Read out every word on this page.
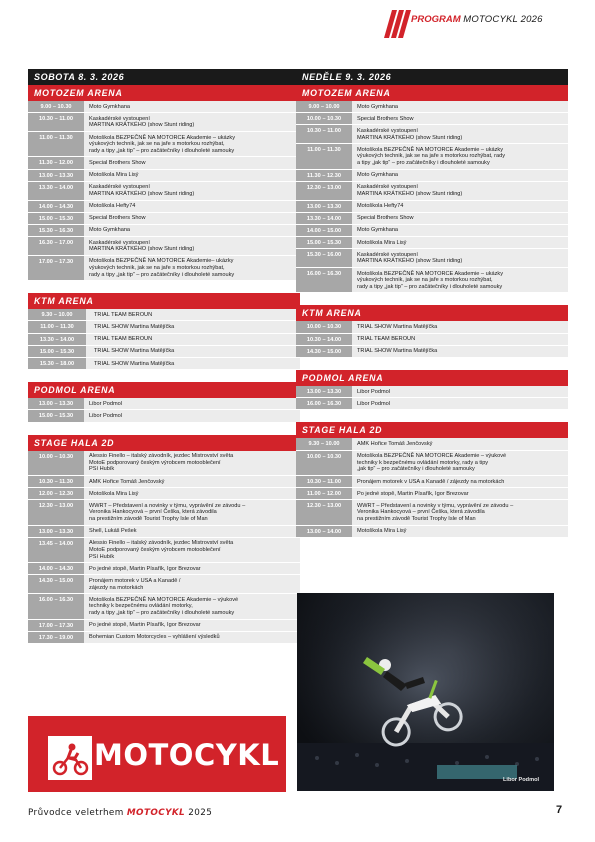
PROGRAM MOTOCYKL 2026
SOBOTA 8. 3. 2026
MOTOZEM ARENA
9.00 – 10.30	Moto Gymkhana
10.30 – 11.00	Kaskadérské vystoupení
MARTINA KRÁTKÉHO (show Stunt riding)
11.00 – 11.30	Motoškola BEZPEČNĚ NA MOTORCE Akademie – ukázky
výukových technik, jak se na jaře s motorkou rozhýbat,
rady a tipy „jak tip“ – pro začátečníky i dlouholeté samouky
11.30 – 12.00	Special Brothers Show
13.00 – 13.30	Motoškola Mira Lisý
13.30 – 14.00	Kaskadérské vystoupení
MARTINA KRÁTKÉHO (show Stunt riding)
14.00 – 14.30	Motoškola Hefty74
15.00 – 15.30	Special Brothers Show
15.30 – 16.30	Moto Gymkhana
16.30 – 17.00	Kaskadérské vystoupení
MARTINA KRÁTKÉHO (show Stunt riding)
17.00 – 17.30	Motoškola BEZPEČNĚ NA MOTORCE Akademie– ukázky
výukových technik, jak se na jaře s motorkou rozhýbat,
rady a tipy „jak tip“ – pro začátečníky i dlouholeté samouky
KTM ARENA
9.30 – 10.00	TRIAL TEAM BEROUN
11.00 – 11.30	TRIAL SHOW Martina Matějíčka
13.30 – 14.00	TRIAL TEAM BEROUN
15.00 – 15.30	TRIAL SHOW Martina Matějíčka
15.30 – 18.00	TRIAL SHOW Martina Matějíčka
PODMOL ARENA
13.00 – 13.30	Libor Podmol
15.00 – 15.30	Libor Podmol
STAGE HALA 2D
10.00 – 10.30	Alessio Finello – italský závodník, jezdec Mistrovství světa
MotoE podporovaný českým výrobcem motooblečení
PSí Hubík
10.30 – 11.30	AMK Hořice Tomáš Jenčovský
12.00 – 12.30	Motoškola Mira Lisý
12.30 – 13.00	WWRT – Představení a novinky v týmu, vyprávění ze závodu –
Veronika Hankocyová – první Češka, která závodila
na prestižním závodě Tourist Trophy Isle of Man
13.00 – 13.30	Shell, Lukáš Pešek
13.45 – 14.00	Alessio Finello – italský závodník, jezdec Mistrovství světa
MotoE podporovaný českým výrobcem motooblečení
PSí Hubík
14.00 – 14.30	Po jedné stopě, Martin Písařík, Igor Brezovar
14.30 – 15.00	Pronájem motorek v USA a Kanadě /
zájezdy na motorkách
16.00 – 16.30	Motoškola BEZPEČNĚ NA MOTORCE Akademie – výukové
techniky k bezpečnému ovládání motorky,
rady a tipy „jak tip“ – pro začátečníky i dlouholeté samouky
17.00 – 17.30	Po jedné stopě, Martin Písařík, Igor Brezovar
17.30 – 19.00	Bohemian Custom Motorcycles – vyhlášení výsledků
NEDĚLE 9. 3. 2026
MOTOZEM ARENA
9.00 – 10.00	Moto Gymkhana
10.00 – 10.30	Special Brothers Show
10.30 – 11.00	Kaskadérské vystoupení
MARTINA KRÁTKÉHO (show Stunt riding)
11.00 – 11.30	Motoškola BEZPEČNĚ NA MOTORCE Akademie – ukázky
výukových technik, jak se na jaře s motorkou rozhýbat, rady
a tipy „jak tip“ – pro začátečníky i dlouholeté samouky
11.30 – 12.30	Moto Gymkhana
12.30 – 13.00	Kaskadérské vystoupení
MARTINA KRÁTKÉHO (show Stunt riding)
13.00 – 13.30	Motoškola Hefty74
13.30 – 14.00	Special Brothers Show
14.00 – 15.00	Moto Gymkhana
15.00 – 15.30	Motoškola Mira Lisý
15.30 – 16.00	Kaskadérské vystoupení
MARTINA KRÁTKÉHO (show Stunt riding)
16.00 – 16.30	Motoškola BEZPEČNĚ NA MOTORCE Akademie – ukázky
výukových technik, jak se na jaře s motorkou rozhýbat,
rady a tipy „jak tip“ – pro začátečníky i dlouholeté samouky
KTM ARENA
10.00 – 10.30	TRIAL SHOW Martina Matějíčka
10.30 – 14.00	TRIAL TEAM BEROUN
14.30 – 15.00	TRIAL SHOW Martina Matějíčka
PODMOL ARENA
13.00 – 13.30	Libor Podmol
16.00 – 16.30	Libor Podmol
STAGE HALA 2D
9.30 – 10.00	AMK Hořice Tomáš Jenčovský
10.00 – 10.30	Motoškola BEZPEČNĚ NA MOTORCE Akademie – výukové
techniky k bezpečnému ovládání motorky, rady a tipy
„jak tip“ – pro začátečníky i dlouholeté samouky
10.30 – 11.00	Pronájem motorek v USA a Kanadě / zájezdy na motorkách
11.00 – 12.00	Po jedné stopě, Martin Písařík, Igor Brezovar
12.30 – 13.00	WWRT – Představení a novinky v týmu, vyprávění ze závodu –
Veronika Hankocyová – první Češka, která závodila
na prestižním závodě Tourist Trophy Isle of Man
13.00 – 14.00	Motoškola Mira Lisý
MOTOCYKL
Libor Podmol
Průvodce veletrhem MOTOCYKL 2025	7
